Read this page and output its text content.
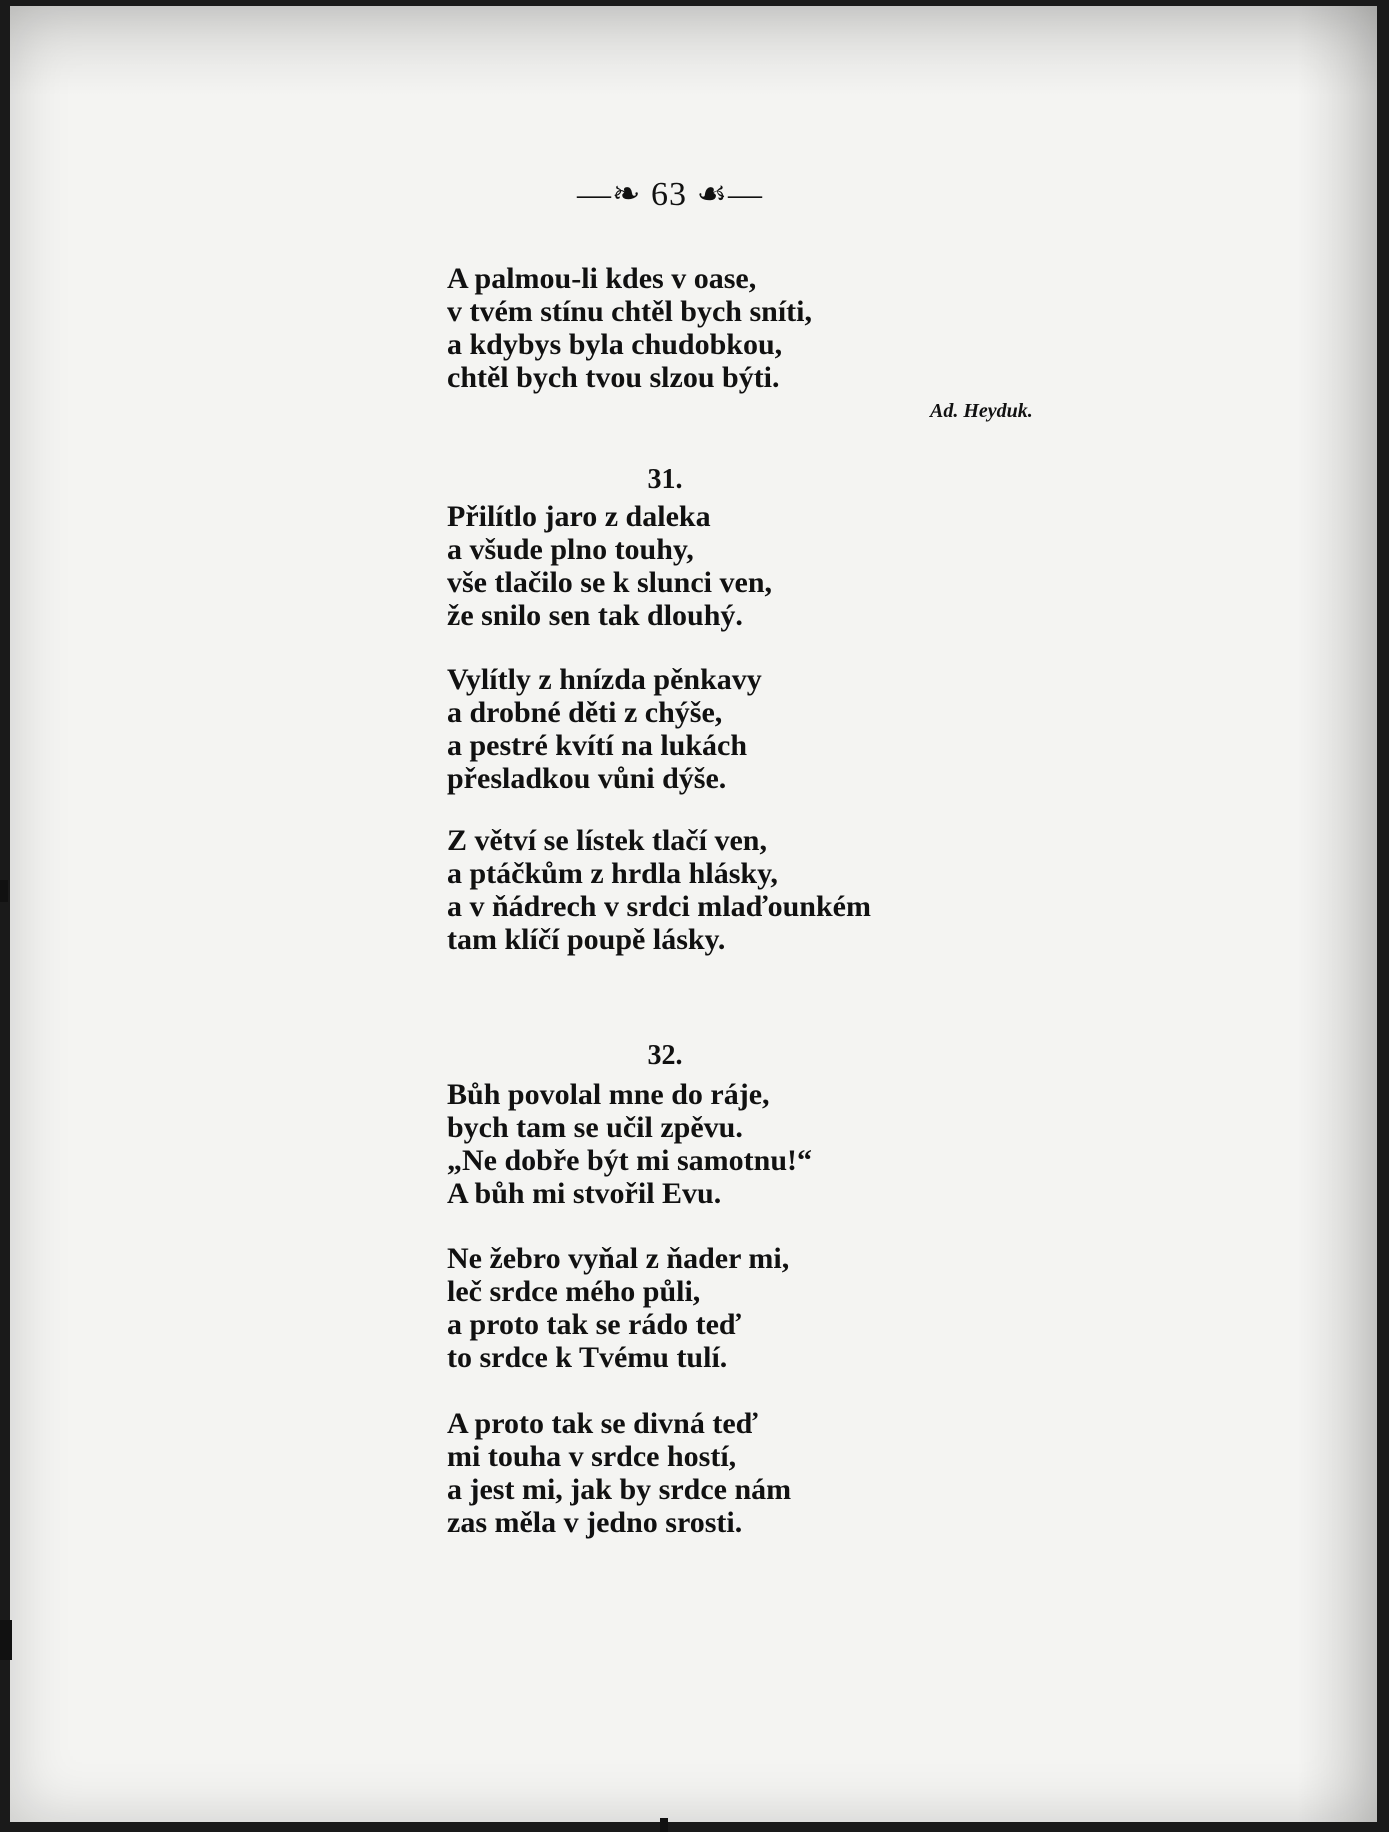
—❧ 63 ☙—
A palmou-li kdes v oase,
v tvém stínu chtěl bych sníti,
a kdybys byla chudobkou,
chtěl bych tvou slzou býti.
Ad. Heyduk.
31.
Přilítlo jaro z daleka
a všude plno touhy,
vše tlačilo se k slunci ven,
že snilo sen tak dlouhý.
Vylítly z hnízda pěnkavy
a drobné děti z chýše,
a pestré kvítí na lukách
přesladkou vůni dýše.
Z větví se lístek tlačí ven,
a ptáčkům z hrdla hlásky,
a v ňádrech v srdci mlaďounkém
tam klíčí poupě lásky.
32.
Bůh povolal mne do ráje,
bych tam se učil zpěvu.
„Ne dobře být mi samotnu!“
A bůh mi stvořil Evu.
Ne žebro vyňal z ňader mi,
leč srdce mého půli,
a proto tak se rádo teď
to srdce k Tvému tulí.
A proto tak se divná teď
mi touha v srdce hostí,
a jest mi, jak by srdce nám
zas měla v jedno srosti.
